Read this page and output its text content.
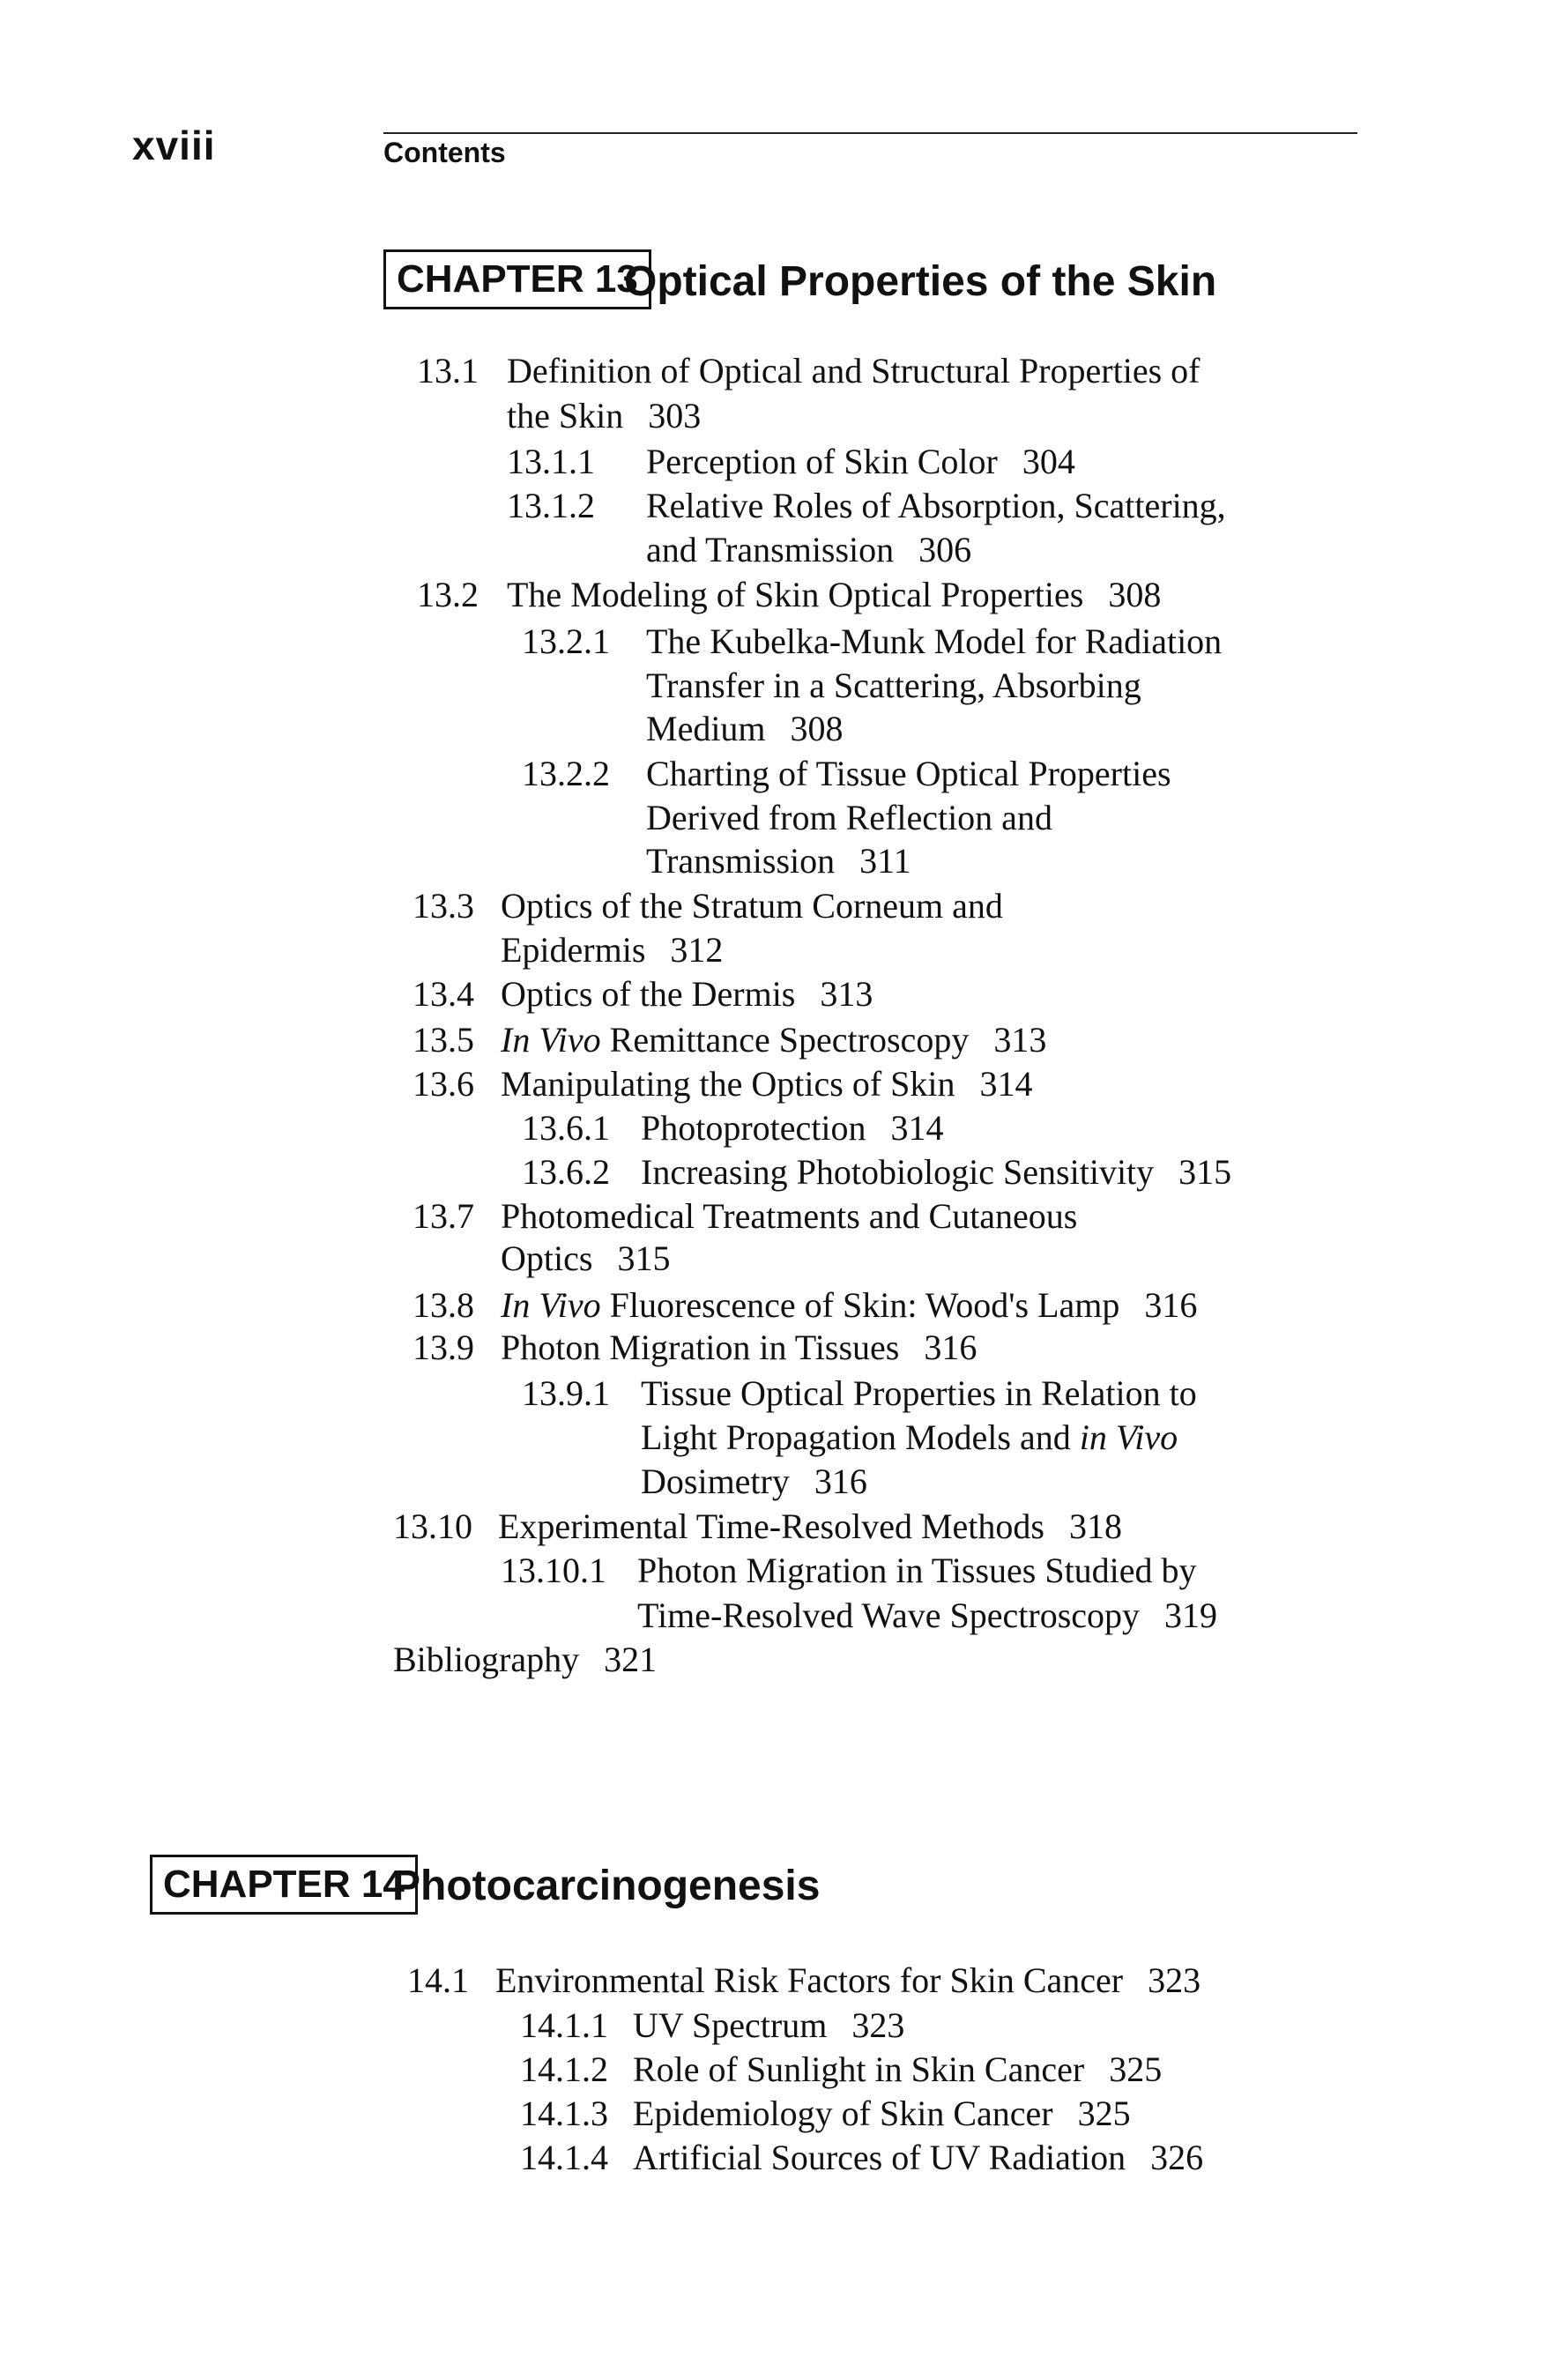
xviii	Contents
CHAPTER 13
Optical Properties of the Skin
13.1 Definition of Optical and Structural Properties of
the Skin 303
13.1.1 Perception of Skin Color 304
13.1.2 Relative Roles of Absorption, Scattering,
and Transmission 306
13.2 The Modeling of Skin Optical Properties 308
13.2.1 The Kubelka-Munk Model for Radiation
Transfer in a Scattering, Absorbing
Medium 308
13.2.2 Charting of Tissue Optical Properties
Derived from Reflection and
Transmission 311
13.3 Optics of the Stratum Corneum and
Epidermis 312
13.4 Optics of the Dermis 313
13.5 In Vivo Remittance Spectroscopy 313
13.6 Manipulating the Optics of Skin 314
13.6.1 Photoprotection 314
13.6.2 Increasing Photobiologic Sensitivity 315
13.7 Photomedical Treatments and Cutaneous
Optics 315
13.8 In Vivo Fluorescence of Skin: Wood's Lamp 316
13.9 Photon Migration in Tissues 316
13.9.1 Tissue Optical Properties in Relation to
Light Propagation Models and in Vivo
Dosimetry 316
13.10 Experimental Time-Resolved Methods 318
13.10.1 Photon Migration in Tissues Studied by
Time-Resolved Wave Spectroscopy 319
Bibliography 321
CHAPTER 14
Photocarcinogenesis
14.1 Environmental Risk Factors for Skin Cancer 323
14.1.1 UV Spectrum 323
14.1.2 Role of Sunlight in Skin Cancer 325
14.1.3 Epidemiology of Skin Cancer 325
14.1.4 Artificial Sources of UV Radiation 326
